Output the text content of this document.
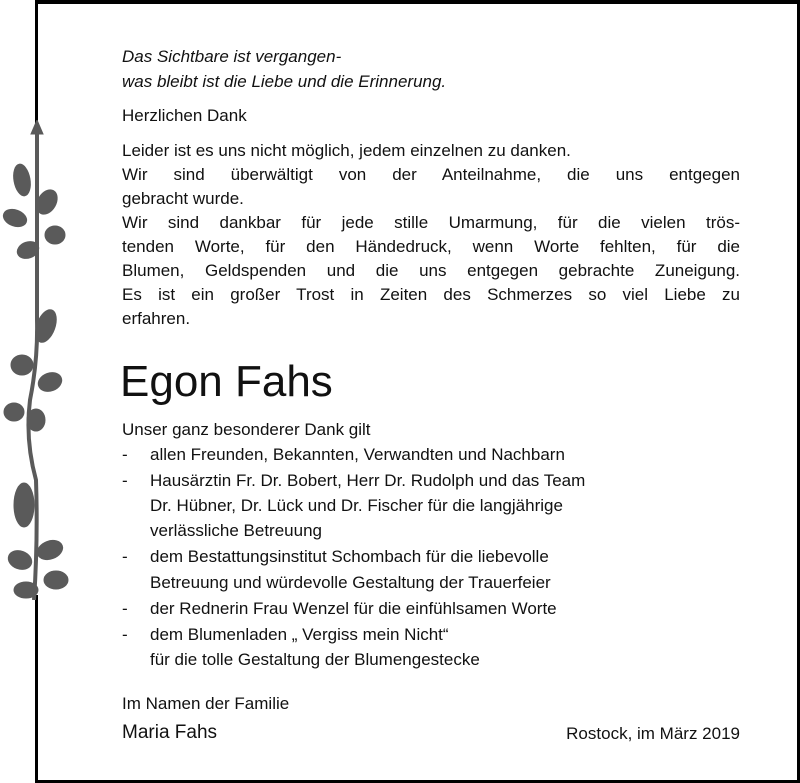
Das Sichtbare ist vergangen-
was bleibt ist die Liebe und die Erinnerung.
Herzlichen Dank
Leider ist es uns nicht möglich, jedem einzelnen zu danken.
Wir sind überwältigt von der Anteilnahme, die uns entgegen
gebracht wurde.
Wir sind dankbar für jede stille Umarmung, für die vielen trös-
tenden Worte, für den Händedruck, wenn Worte fehlten, für die
Blumen, Geldspenden und die uns entgegen gebrachte Zuneigung.
Es ist ein großer Trost in Zeiten des Schmerzes so viel Liebe zu
erfahren.
Egon Fahs
Unser ganz besonderer Dank gilt
- allen Freunden, Bekannten, Verwandten und Nachbarn
- Hausärztin Fr. Dr. Bobert, Herr Dr. Rudolph und das Team
Dr. Hübner, Dr. Lück und Dr. Fischer für die langjährige
verlässliche Betreuung
- dem Bestattungsinstitut Schombach für die liebevolle
Betreuung und würdevolle Gestaltung der Trauerfeier
- der Rednerin Frau Wenzel für die einfühlsamen Worte
- dem Blumenladen „ Vergiss mein Nicht“
für die tolle Gestaltung der Blumengestecke
Im Namen der Familie
Maria Fahs	Rostock, im März 2019
